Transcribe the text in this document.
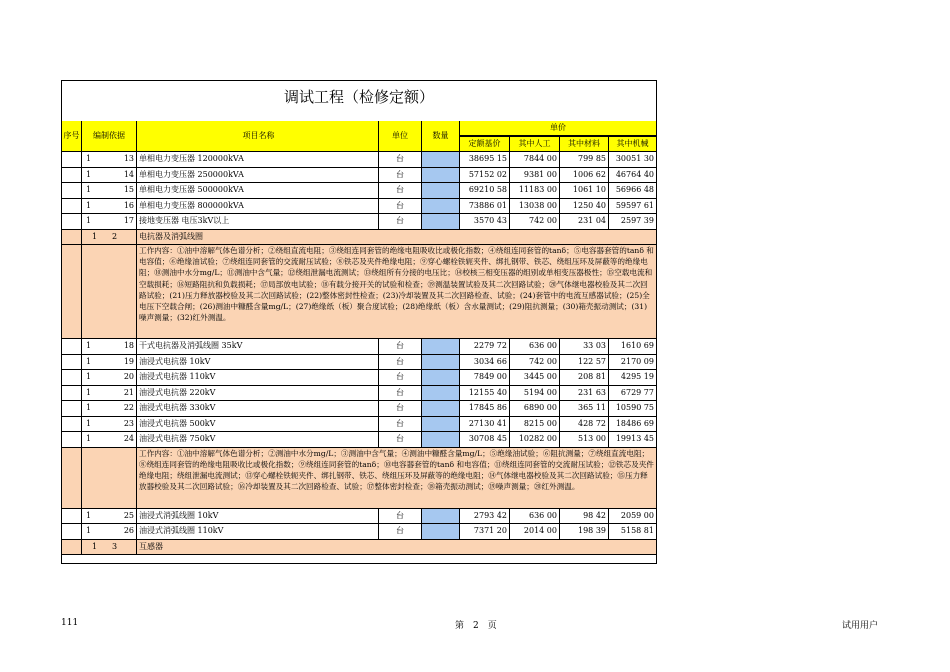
调试工程（检修定额）
序号	编制依据	项目名称	单位	数量
单价
定额基价	其中人工	其中材料	其中机械
1	13 单相电力变压器 120000kVA	台	38695 15	7844 00	799 85	30051 30
1	14 单相电力变压器 250000kVA	台	57152 02	9381 00	1006 62	46764 40
1	15 单相电力变压器 500000kVA	台	69210 58	11183 00	1061 10	56966 48
1	16 单相电力变压器 800000kVA	台	73886 01	13038 00	1250 40	59597 61
1	17 接地变压器 电压3kV以上	台	3570 43	742 00	231 04	2597 39
1 2	电抗器及消弧线圈
工作内容：①油中溶解气体色谱分析；②绕组直流电阻；③绕组连同套管的绝缘电阻吸收比或极化指数；④绕组连同套管的tanδ；⑤电容器套管的tanδ 和电容值；⑥绝缘油试验；⑦绕组连同套管的交流耐压试验；⑧铁芯及夹件绝缘电阻；⑨穿心螺栓铁轭夹件、绑扎钢带、铁芯、绕组压环及屏蔽等的绝缘电阻；⑩测油中水分mg/L；⑪测油中含气量；⑫绕组泄漏电流测试；⑬绕组所有分接的电压比；⑭校核三相变压器的组别或单相变压器极性；⑮空载电流和空载损耗；⑯短路阻抗和负载损耗；⑰局部放电试验；⑱有载分接开关的试验和检查；⑲测温装置试验及其二次回路试验；⑳气体继电器校验及其二次回路试验；(21)压力释放器校验及其二次回路试验；(22)整体密封性检查；(23)冷却装置及其二次回路检查、试验；(24)套管中的电流互感器试验；(25)全电压下空载合闸；(26)测油中糠醛含量mg/L；(27)绝缘纸（板）聚合度试验；(28)绝缘纸（板）含水量测试；(29)阻抗测量；(30)箱壳振动测试；(31)噪声测量；(32)红外测温。
1	18 干式电抗器及消弧线圈 35kV	台	2279 72	636 00	33 03	1610 69
1	19 油浸式电抗器 10kV	台	3034 66	742 00	122 57	2170 09
1	20 油浸式电抗器 110kV	台	7849 00	3445 00	208 81	4295 19
1	21 油浸式电抗器 220kV	台	12155 40	5194 00	231 63	6729 77
1	22 油浸式电抗器 330kV	台	17845 86	6890 00	365 11	10590 75
1	23 油浸式电抗器 500kV	台	27130 41	8215 00	428 72	18486 69
1	24 油浸式电抗器 750kV	台	30708 45	10282 00	513 00	19913 45
工作内容：①油中溶解气体色谱分析；②测油中水分mg/L；③测油中含气量；④测油中糠醛含量mg/L；⑤绝缘油试验；⑥阻抗测量；⑦绕组直流电阻；⑧绕组连同套管的绝缘电阻吸收比或极化指数；⑨绕组连同套管的tanδ；⑩电容器套管的tanδ 和电容值；⑪绕组连同套管的交流耐压试验；⑫铁芯及夹件绝缘电阻；绕组泄漏电流测试；⑬穿心螺栓铁轭夹件、绑扎钢带、铁芯、绕组压环及屏蔽等的绝缘电阻；⑭气体继电器校验及其二次回路试验；⑮压力释放器校验及其二次回路试验；⑯冷却装置及其二次回路检查、试验；⑰整体密封检查；⑱箱壳振动测试；⑲噪声测量；⑳红外测温。
1	25 油浸式消弧线圈 10kV	台	2793 42	636 00	98 42	2059 00
1	26 油浸式消弧线圈 110kV	台	7371 20	2014 00	198 39	5158 81
1 3	互感器
111	第　2　页	试用用户
